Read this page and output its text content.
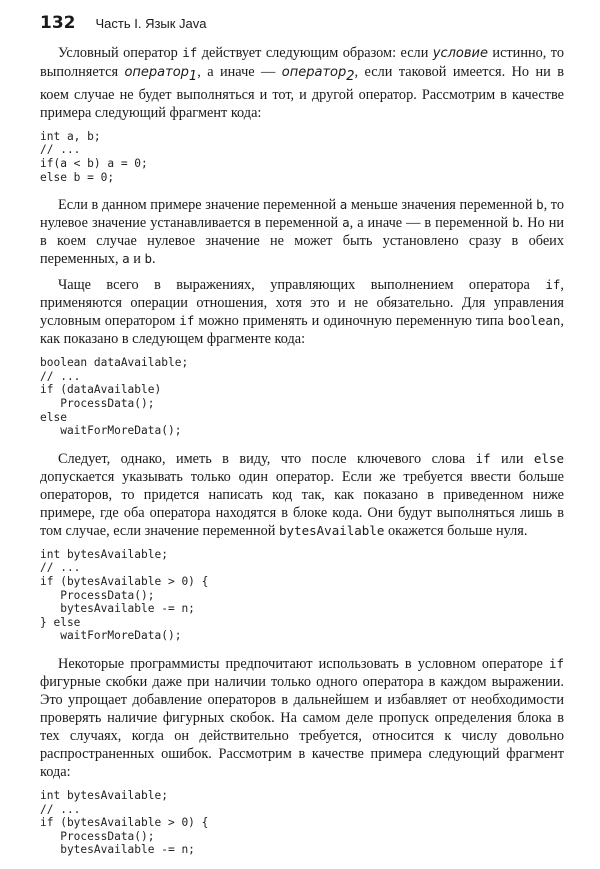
132 Часть I. Язык Java

Условный оператор if действует следующим образом: если условие истинно, то выполняется оператор$_1$, а иначе — оператор$_2$, если таковой имеется. Но ни в коем случае не будет выполняться и тот, и другой оператор. Рассмотрим в качестве примера следующий фрагмент кода:

int a, b;
// ...
if(a < b) a = 0;
else b = 0;

Если в данном примере значение переменной a меньше значения переменной b, то нулевое значение устанавливается в переменной a, а иначе — в переменной b. Но ни в коем случае нулевое значение не может быть установлено сразу в обеих переменных, a и b.

Чаще всего в выражениях, управляющих выполнением оператора if, применяются операции отношения, хотя это и не обязательно. Для управления условным оператором if можно применять и одиночную переменную типа boolean, как показано в следующем фрагменте кода:

boolean dataAvailable;
// ...
if (dataAvailable)
ProcessData();
else
waitForMoreData();

Следует, однако, иметь в виду, что после ключевого слова if или else допускается указывать только один оператор. Если же требуется ввести больше операторов, то придется написать код так, как показано в приведенном ниже примере, где оба оператора находятся в блоке кода. Они будут выполняться лишь в том случае, если значение переменной bytesAvailable окажется больше нуля.

int bytesAvailable;
// ...
if (bytesAvailable > 0) {
ProcessData();
bytesAvailable -= n;
} else
waitForMoreData();

Некоторые программисты предпочитают использовать в условном операторе if фигурные скобки даже при наличии только одного оператора в каждом выражении. Это упрощает добавление операторов в дальнейшем и избавляет от необходимости проверять наличие фигурных скобок. На самом деле пропуск определения блока в тех случаях, когда он действительно требуется, относится к числу довольно распространенных ошибок. Рассмотрим в качестве примера следующий фрагмент кода:

int bytesAvailable;
// ...
if (bytesAvailable > 0) {
ProcessData();
bytesAvailable -= n;
